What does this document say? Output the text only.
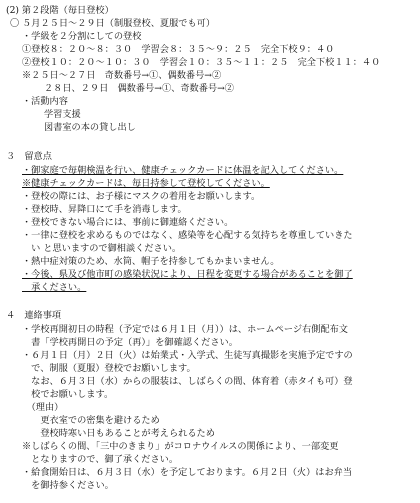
(2) 第２段階（毎日登校）
〇 ５月２５日～２９日（制服登校、夏服でも可）
・学級を２分割にしての登校
①登校８：２０～８：３０　学習会８：３５～９：２５　完全下校９：４０
②登校１０：２０～１０：３０　学習会１０：３５～１１：２５　完全下校１１：４０
※２５日～２７日　奇数番号→①、偶数番号→②
２８日、２９日　偶数番号→①、奇数番号→②
・活動内容
学習支援
図書室の本の貸し出し
３　留意点
・御家庭で毎朝検温を行い、健康チェックカードに体温を記入してください。
※健康チェックカードは、毎日持参して登校してください。
・登校の際には、お子様にマスクの着用をお願いします。
・登校時、昇降口にて手を消毒します。
・登校できない場合には、事前に御連絡ください。
・一律に登校を求めるものではなく、感染等を心配する気持ちを尊重していきた
　い と思いますので御相談ください。
・熱中症対策のため、水筒、帽子を持参してもかまいません。
・今後、県及び他市町の感染状況により、日程を変更する場合があることを御了
　承ください。
４　連絡事項
・学校再開初日の時程（予定では６月１日（月））は、ホームページ右側配布文
　書「学校再開日の予定（再）」を御確認ください。
・６月１日（月）２日（火）は始業式・入学式、生徒写真撮影を実施予定ですの
　で、制服（夏服）登校でお願いします。
　なお、６月３日（水）からの服装は、しばらくの間、体育着（赤タイも可）登
　校でお願いします。
　（理由）
　　更衣室での密集を避けるため
　　登校時寒い日もあることが考えられるため
※しばらくの間、「三中のきまり」がコロナウイルスの関係により、一部変更
　となりますので、御了承ください。
・給食開始日は、６月３日（水）を予定しております。６月２日（火）はお弁当
　を御持参ください。
